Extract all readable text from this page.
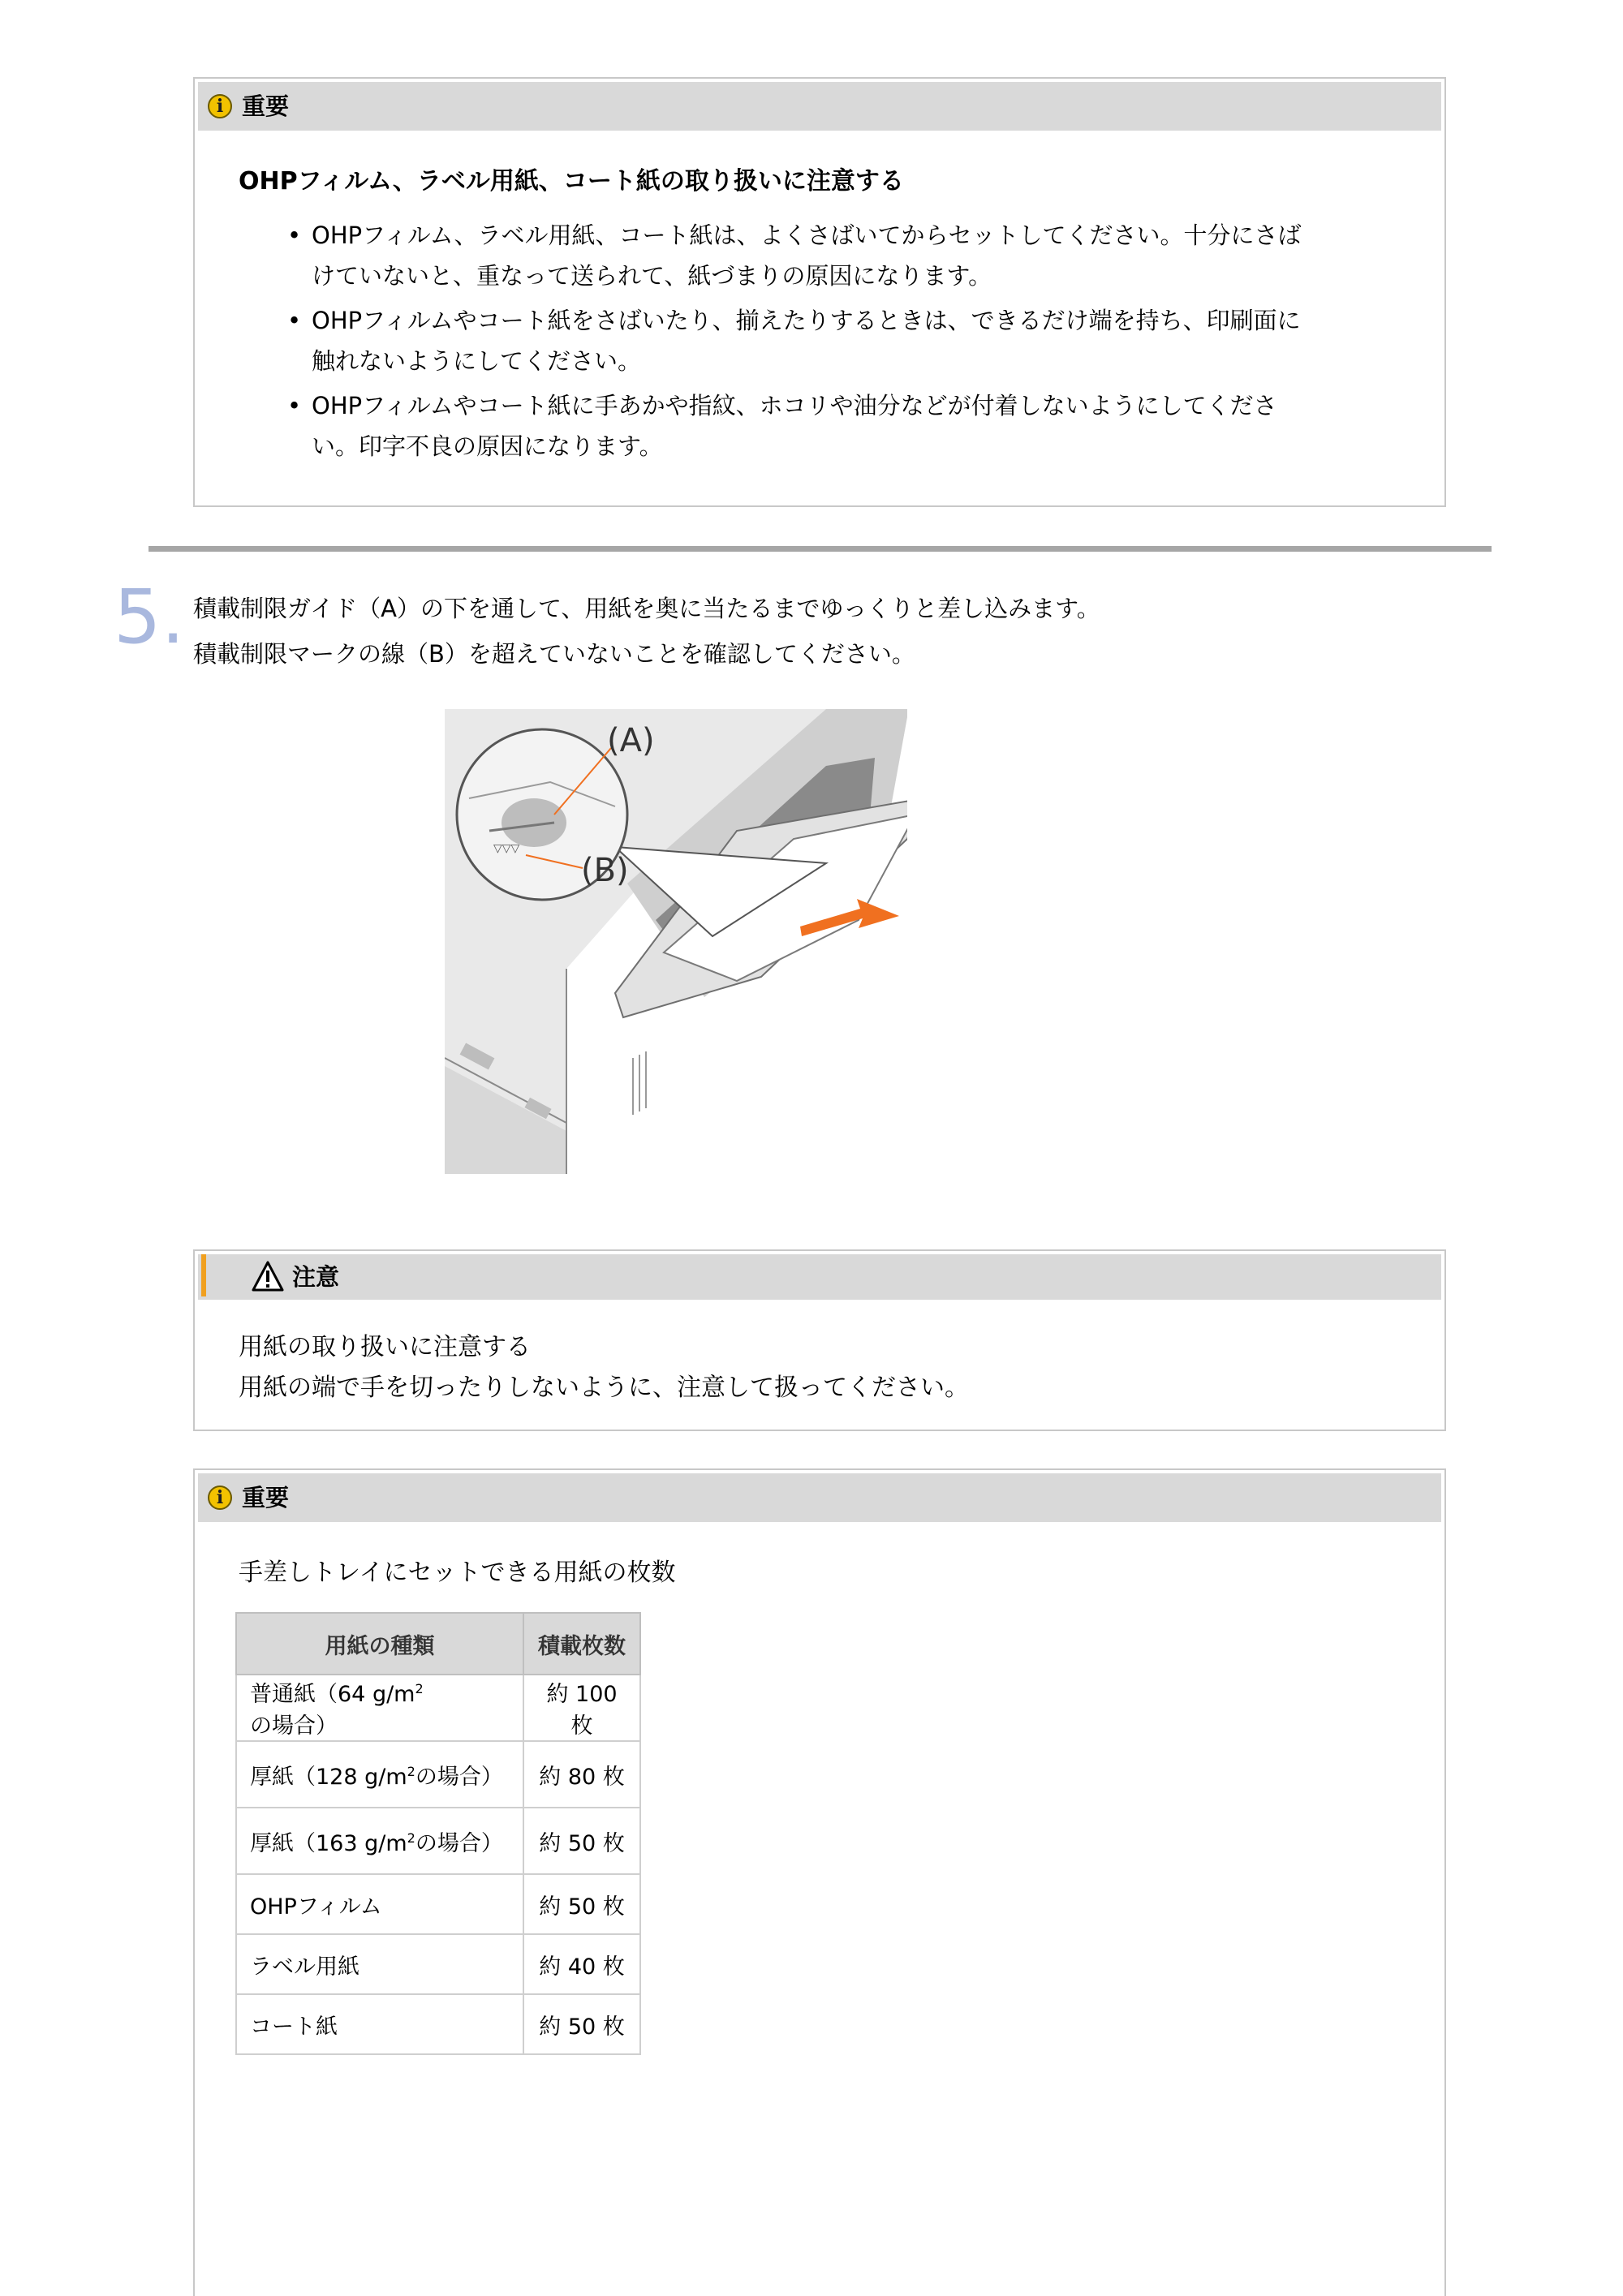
i 重要
OHPフィルム、ラベル用紙、コート紙の取り扱いに注意する
• OHPフィルム、ラベル用紙、コート紙は、よくさばいてからセットしてください。十分にさばけていないと、重なって送られて、紙づまりの原因になります。
• OHPフィルムやコート紙をさばいたり、揃えたりするときは、できるだけ端を持ち、印刷面に触れないようにしてください。
• OHPフィルムやコート紙に手あかや指紋、ホコリや油分などが付着しないようにしてください。印字不良の原因になります。
5. 積載制限ガイド（A）の下を通して、用紙を奥に当たるまでゆっくりと差し込みます。
積載制限マークの線（B）を超えていないことを確認してください。
▽▽▽
(A)
(B)
注意
用紙の取り扱いに注意する
用紙の端で手を切ったりしないように、注意して扱ってください。
i 重要
手差しトレイにセットできる用紙の枚数
用紙の種類	積載枚数
普通紙（64 $g/m^2$の場合）	約 100 枚
厚紙（128 $g/m^2$の場合）	約 80 枚
厚紙（163 $g/m^2$の場合）	約 50 枚
OHPフィルム	約 50 枚
ラベル用紙	約 40 枚
コート紙	約 50 枚
